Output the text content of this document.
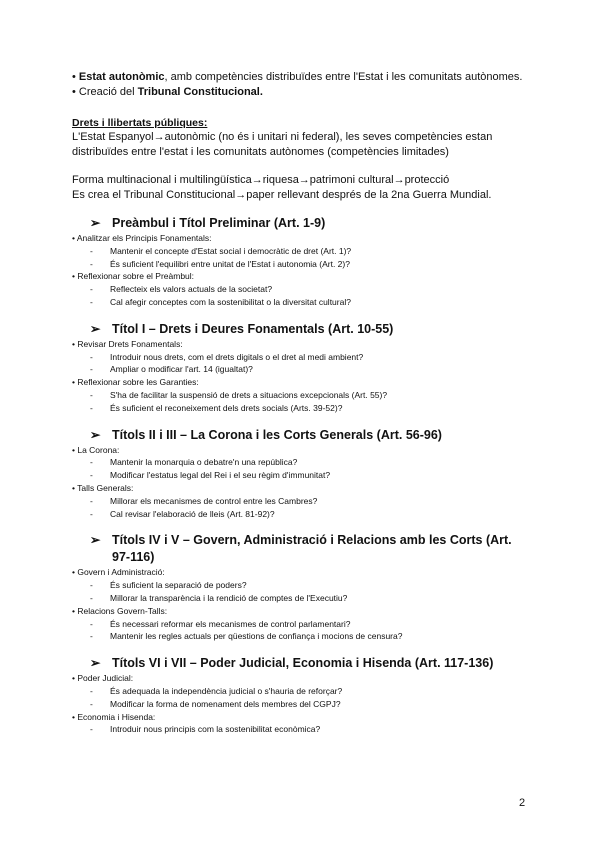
• Estat autonòmic, amb competències distribuïdes entre l'Estat i les comunitats autònomes.
• Creació del Tribunal Constitucional.
Drets i llibertats públiques:
L'Estat Espanyol→autonòmic (no és i unitari ni federal), les seves competències estan
distribuïdes entre l'estat i les comunitats autònomes (competències limitades)
Forma multinacional i multilingüística→riquesa→patrimoni cultural→protecció
Es crea el Tribunal Constitucional→paper rellevant després de la 2na Guerra Mundial.
➢ Preàmbul i Títol Preliminar (Art. 1-9)
• Analitzar els Principis Fonamentals:
- Mantenir el concepte d'Estat social i democràtic de dret (Art. 1)?
- És suficient l'equilibri entre unitat de l'Estat i autonomia (Art. 2)?
• Reflexionar sobre el Preàmbul:
- Reflecteix els valors actuals de la societat?
- Cal afegir conceptes com la sostenibilitat o la diversitat cultural?
➢ Títol I – Drets i Deures Fonamentals (Art. 10-55)
• Revisar Drets Fonamentals:
- Introduir nous drets, com el drets digitals o el dret al medi ambient?
- Ampliar o modificar l'art. 14 (igualtat)?
• Reflexionar sobre les Garanties:
- S'ha de facilitar la suspensió de drets a situacions excepcionals (Art. 55)?
- És suficient el reconeixement dels drets socials (Arts. 39-52)?
➢ Títols II i III – La Corona i les Corts Generals (Art. 56-96)
• La Corona:
- Mantenir la monarquia o debatre'n una república?
- Modificar l'estatus legal del Rei i el seu règim d'immunitat?
• Talls Generals:
- Millorar els mecanismes de control entre les Cambres?
- Cal revisar l'elaboració de lleis (Art. 81-92)?
➢ Títols IV i V – Govern, Administració i Relacions amb les Corts (Art.
97-116)
• Govern i Administració:
- És suficient la separació de poders?
- Millorar la transparència i la rendició de comptes de l'Executiu?
• Relacions Govern-Talls:
- És necessari reformar els mecanismes de control parlamentari?
- Mantenir les regles actuals per qüestions de confiança i mocions de censura?
➢ Títols VI i VII – Poder Judicial, Economia i Hisenda (Art. 117-136)
• Poder Judicial:
- És adequada la independència judicial o s'hauria de reforçar?
- Modificar la forma de nomenament dels membres del CGPJ?
• Economia i Hisenda:
- Introduir nous principis com la sostenibilitat econòmica?
2
